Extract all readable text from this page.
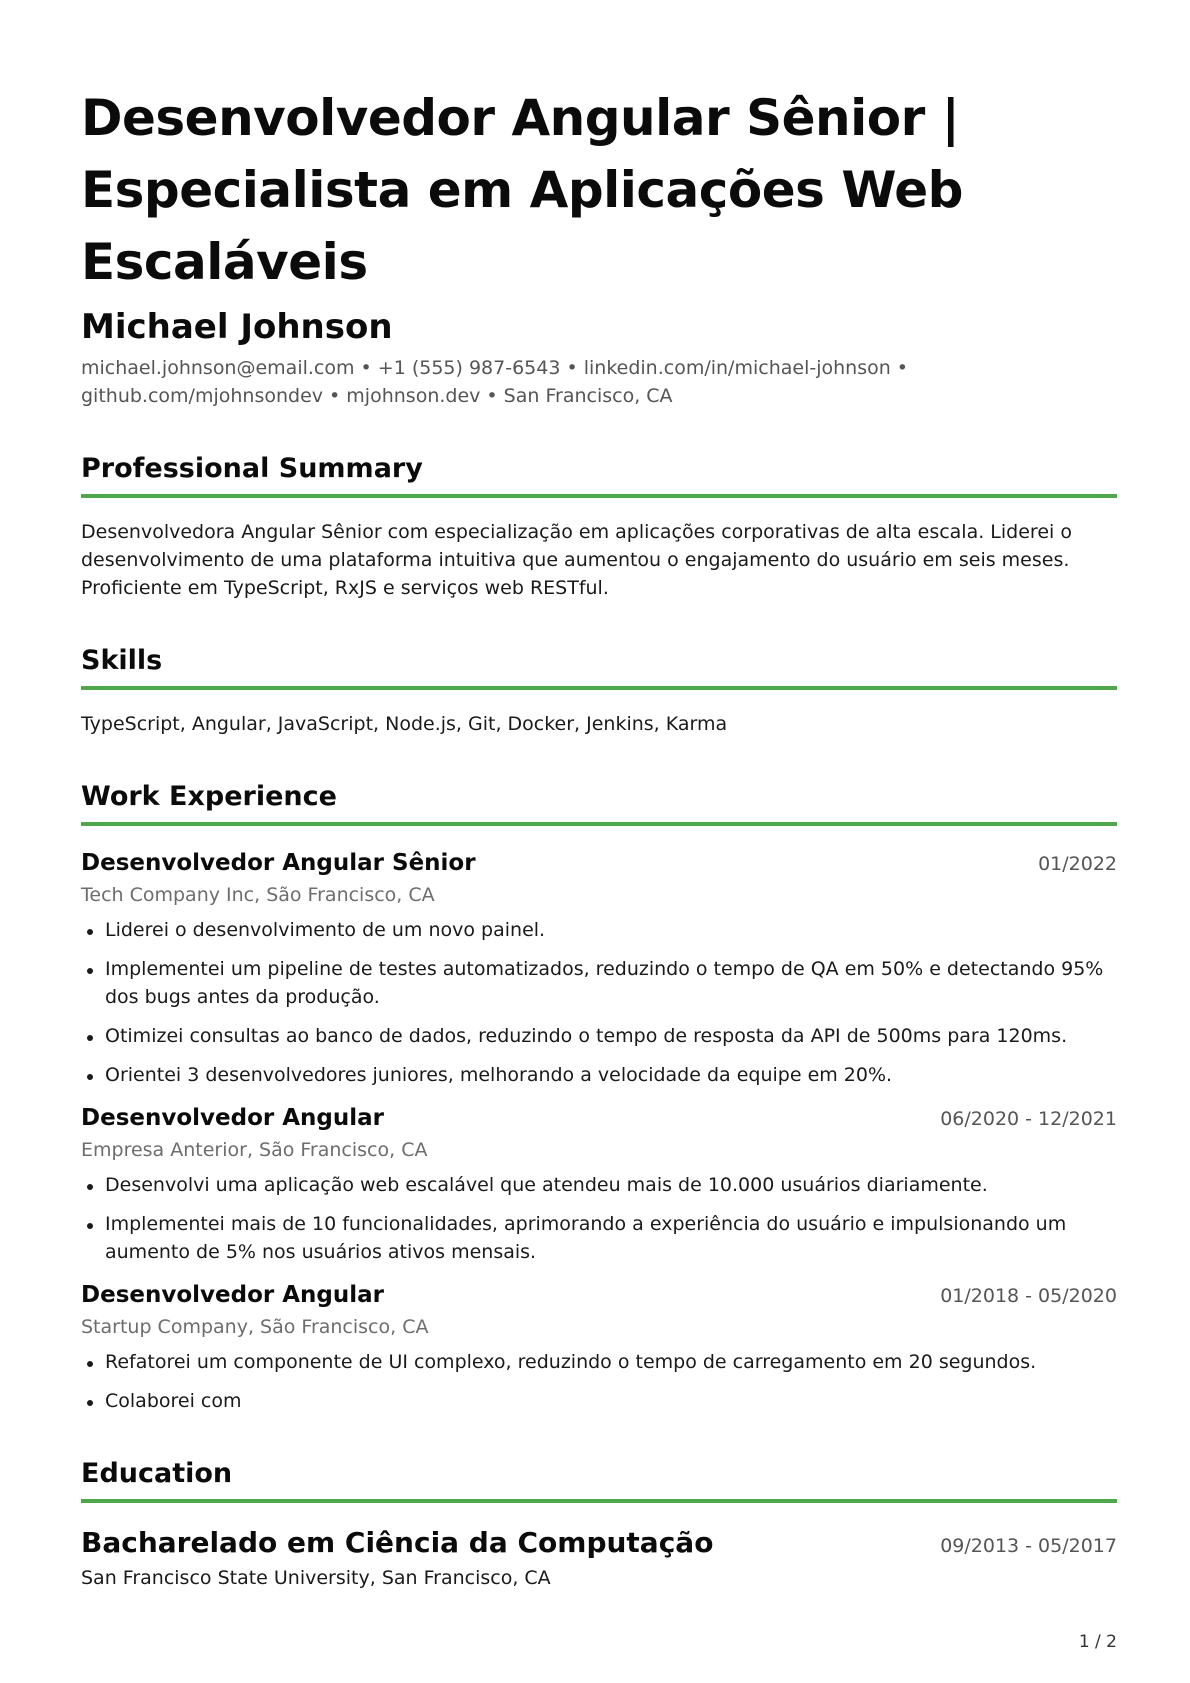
Desenvolvedor Angular Sênior | Especialista em Aplicações Web Escaláveis
Michael Johnson
michael.johnson@email.com • +1 (555) 987-6543 • linkedin.com/in/michael-johnson • github.com/mjohnsondev • mjohnson.dev • San Francisco, CA
Professional Summary
Desenvolvedora Angular Sênior com especialização em aplicações corporativas de alta escala. Liderei o desenvolvimento de uma plataforma intuitiva que aumentou o engajamento do usuário em seis meses. Proficiente em TypeScript, RxJS e serviços web RESTful.
Skills
TypeScript, Angular, JavaScript, Node.js, Git, Docker, Jenkins, Karma
Work Experience
Desenvolvedor Angular Sênior	01/2022
Tech Company Inc, São Francisco, CA
Liderei o desenvolvimento de um novo painel.
Implementei um pipeline de testes automatizados, reduzindo o tempo de QA em 50% e detectando 95% dos bugs antes da produção.
Otimizei consultas ao banco de dados, reduzindo o tempo de resposta da API de 500ms para 120ms.
Orientei 3 desenvolvedores juniores, melhorando a velocidade da equipe em 20%.
Desenvolvedor Angular	06/2020 - 12/2021
Empresa Anterior, São Francisco, CA
Desenvolvi uma aplicação web escalável que atendeu mais de 10.000 usuários diariamente.
Implementei mais de 10 funcionalidades, aprimorando a experiência do usuário e impulsionando um aumento de 5% nos usuários ativos mensais.
Desenvolvedor Angular	01/2018 - 05/2020
Startup Company, São Francisco, CA
Refatorei um componente de UI complexo, reduzindo o tempo de carregamento em 20 segundos.
Colaborei com
Education
Bacharelado em Ciência da Computação	09/2013 - 05/2017
San Francisco State University, San Francisco, CA
1 / 2
